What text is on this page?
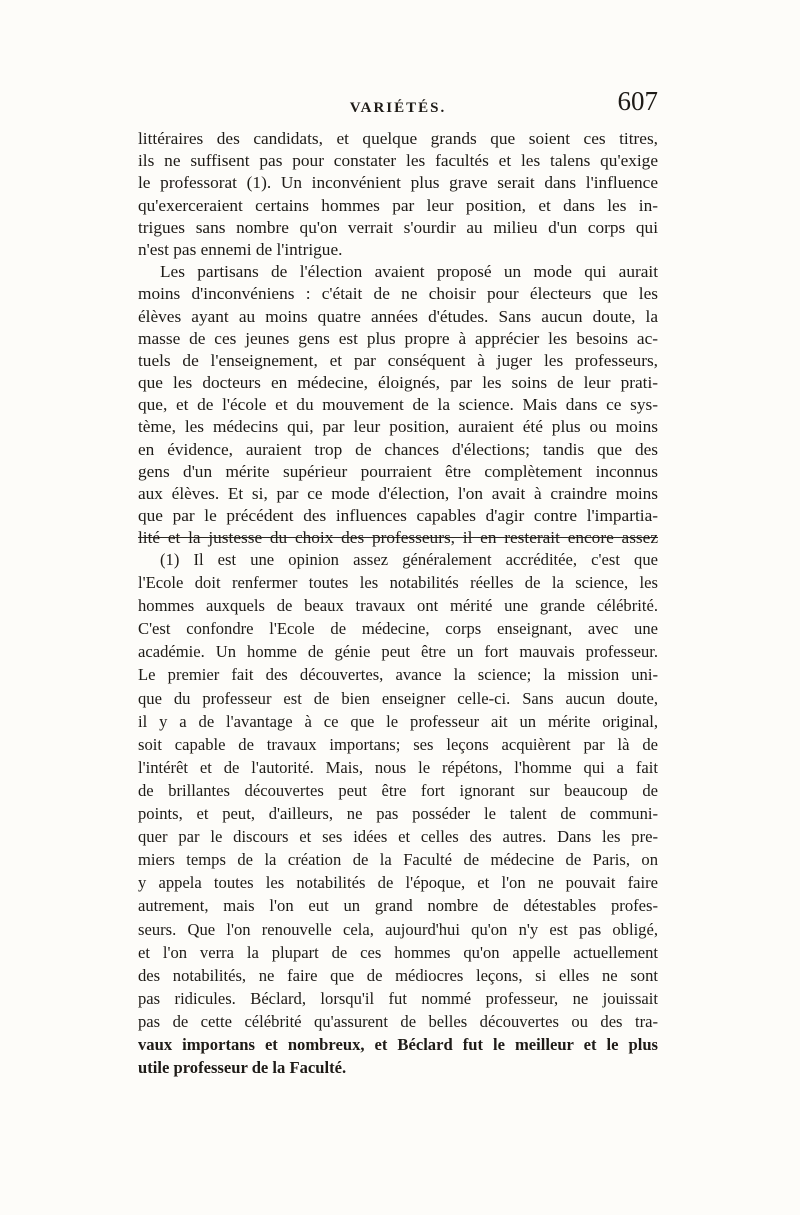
VARIÉTÉS.	607
littéraires des candidats, et quelque grands que soient ces titres,
ils ne suffisent pas pour constater les facultés et les talens qu'exige
le professorat (1). Un inconvénient plus grave serait dans l'influence
qu'exerceraient certains hommes par leur position, et dans les in-
trigues sans nombre qu'on verrait s'ourdir au milieu d'un corps qui
n'est pas ennemi de l'intrigue.
Les partisans de l'élection avaient proposé un mode qui aurait
moins d'inconvéniens : c'était de ne choisir pour électeurs que les
élèves ayant au moins quatre années d'études. Sans aucun doute, la
masse de ces jeunes gens est plus propre à apprécier les besoins ac-
tuels de l'enseignement, et par conséquent à juger les professeurs,
que les docteurs en médecine, éloignés, par les soins de leur prati-
que, et de l'école et du mouvement de la science. Mais dans ce sys-
tème, les médecins qui, par leur position, auraient été plus ou moins
en évidence, auraient trop de chances d'élections; tandis que des
gens d'un mérite supérieur pourraient être complètement inconnus
aux élèves. Et si, par ce mode d'élection, l'on avait à craindre moins
que par le précédent des influences capables d'agir contre l'impartia-
lité et la justesse du choix des professeurs, il en resterait encore assez
(1) Il est une opinion assez généralement accréditée, c'est que
l'Ecole doit renfermer toutes les notabilités réelles de la science, les
hommes auxquels de beaux travaux ont mérité une grande célébrité.
C'est confondre l'Ecole de médecine, corps enseignant, avec une
académie. Un homme de génie peut être un fort mauvais professeur.
Le premier fait des découvertes, avance la science; la mission uni-
que du professeur est de bien enseigner celle-ci. Sans aucun doute,
il y a de l'avantage à ce que le professeur ait un mérite original,
soit capable de travaux importans; ses leçons acquièrent par là de
l'intérêt et de l'autorité. Mais, nous le répétons, l'homme qui a fait
de brillantes découvertes peut être fort ignorant sur beaucoup de
points, et peut, d'ailleurs, ne pas posséder le talent de communi-
quer par le discours et ses idées et celles des autres. Dans les pre-
miers temps de la création de la Faculté de médecine de Paris, on
y appela toutes les notabilités de l'époque, et l'on ne pouvait faire
autrement, mais l'on eut un grand nombre de détestables profes-
seurs. Que l'on renouvelle cela, aujourd'hui qu'on n'y est pas obligé,
et l'on verra la plupart de ces hommes qu'on appelle actuellement
des notabilités, ne faire que de médiocres leçons, si elles ne sont
pas ridicules. Béclard, lorsqu'il fut nommé professeur, ne jouissait
pas de cette célébrité qu'assurent de belles découvertes ou des tra-
vaux importans et nombreux, et Béclard fut le meilleur et le plus
utile professeur de la Faculté.
